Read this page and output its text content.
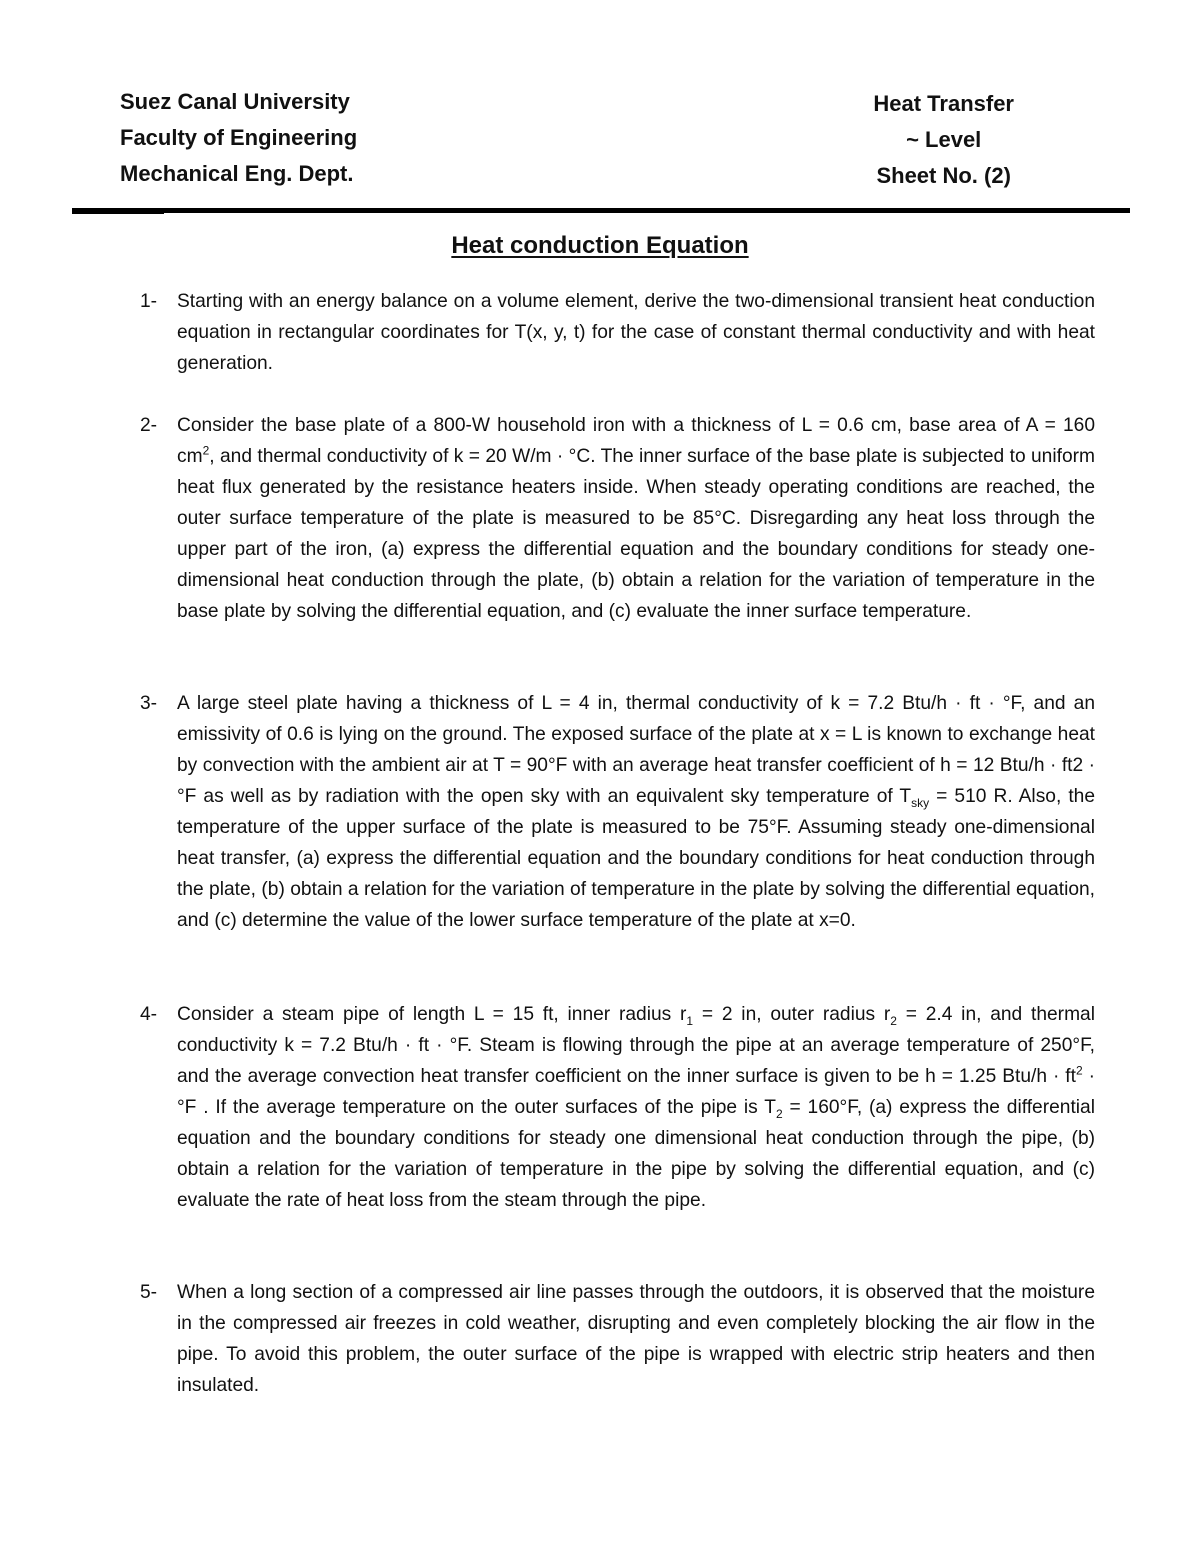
Suez Canal University
Faculty of Engineering
Mechanical Eng. Dept.
Heat Transfer
~ Level
Sheet No. (2)
Heat conduction Equation
1-	Starting with an energy balance on a volume element, derive the two-dimensional transient heat conduction equation in rectangular coordinates for T(x, y, t) for the case of constant thermal conductivity and with heat generation.
2-	Consider the base plate of a 800-W household iron with a thickness of L = 0.6 cm, base area of A = 160 $cm^2$, and thermal conductivity of k = 20 W/m · °C. The inner surface of the base plate is subjected to uniform heat flux generated by the resistance heaters inside. When steady operating conditions are reached, the outer surface temperature of the plate is measured to be 85°C. Disregarding any heat loss through the upper part of the iron, (a) express the differential equation and the boundary conditions for steady one-dimensional heat conduction through the plate, (b) obtain a relation for the variation of temperature in the base plate by solving the differential equation, and (c) evaluate the inner surface temperature.
3-	A large steel plate having a thickness of L = 4 in, thermal conductivity of k = 7.2 Btu/h · ft · °F, and an emissivity of 0.6 is lying on the ground. The exposed surface of the plate at x = L is known to exchange heat by convection with the ambient air at T = 90°F with an average heat transfer coefficient of h = 12 Btu/h · ft2 · °F as well as by radiation with the open sky with an equivalent sky temperature of $T_{sky} = 510$ R. Also, the temperature of the upper surface of the plate is measured to be 75°F. Assuming steady one-dimensional heat transfer, (a) express the differential equation and the boundary conditions for heat conduction through the plate, (b) obtain a relation for the variation of temperature in the plate by solving the differential equation, and (c) determine the value of the lower surface temperature of the plate at x=0.
4-	Consider a steam pipe of length L = 15 ft, inner radius $r_1 = 2$ in, outer radius $r_2 = 2.4$ in, and thermal conductivity k = 7.2 Btu/h · ft · °F. Steam is flowing through the pipe at an average temperature of 250°F, and the average convection heat transfer coefficient on the inner surface is given to be h = 1.25 $Btu/h \cdot ft^2 \cdot ^\circ F$ . If the average temperature on the outer surfaces of the pipe is $T_2 = 160^\circ F$, (a) express the differential equation and the boundary conditions for steady one dimensional heat conduction through the pipe, (b) obtain a relation for the variation of temperature in the pipe by solving the differential equation, and (c) evaluate the rate of heat loss from the steam through the pipe.
5-	When a long section of a compressed air line passes through the outdoors, it is observed that the moisture in the compressed air freezes in cold weather, disrupting and even completely blocking the air flow in the pipe. To avoid this problem, the outer surface of the pipe is wrapped with electric strip heaters and then insulated.
